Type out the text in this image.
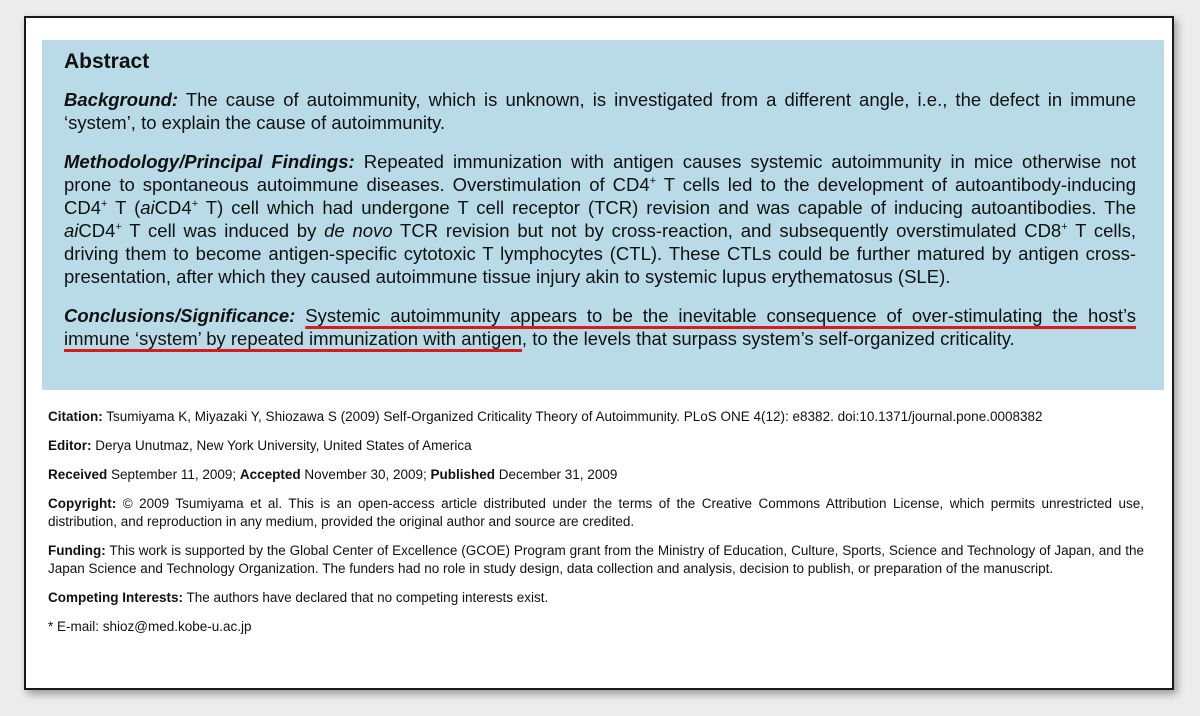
Abstract

Background: The cause of autoimmunity, which is unknown, is investigated from a different angle, i.e., the defect in immune ‘system’, to explain the cause of autoimmunity.

Methodology/Principal Findings: Repeated immunization with antigen causes systemic autoimmunity in mice otherwise not prone to spontaneous autoimmune diseases. Overstimulation of CD4+ T cells led to the development of autoantibody-inducing CD4+ T (aiCD4+ T) cell which had undergone T cell receptor (TCR) revision and was capable of inducing autoantibodies. The aiCD4+ T cell was induced by de novo TCR revision but not by cross-reaction, and subsequently overstimulated CD8+ T cells, driving them to become antigen-specific cytotoxic T lymphocytes (CTL). These CTLs could be further matured by antigen cross-presentation, after which they caused autoimmune tissue injury akin to systemic lupus erythematosus (SLE).

Conclusions/Significance: Systemic autoimmunity appears to be the inevitable consequence of over-stimulating the host’s immune ‘system’ by repeated immunization with antigen, to the levels that surpass system’s self-organized criticality.

Citation: Tsumiyama K, Miyazaki Y, Shiozawa S (2009) Self-Organized Criticality Theory of Autoimmunity. PLoS ONE 4(12): e8382. doi:10.1371/journal.pone.0008382

Editor: Derya Unutmaz, New York University, United States of America

Received September 11, 2009; Accepted November 30, 2009; Published December 31, 2009

Copyright: © 2009 Tsumiyama et al. This is an open-access article distributed under the terms of the Creative Commons Attribution License, which permits unrestricted use, distribution, and reproduction in any medium, provided the original author and source are credited.

Funding: This work is supported by the Global Center of Excellence (GCOE) Program grant from the Ministry of Education, Culture, Sports, Science and Technology of Japan, and the Japan Science and Technology Organization. The funders had no role in study design, data collection and analysis, decision to publish, or preparation of the manuscript.

Competing Interests: The authors have declared that no competing interests exist.

* E-mail: shioz@med.kobe-u.ac.jp
